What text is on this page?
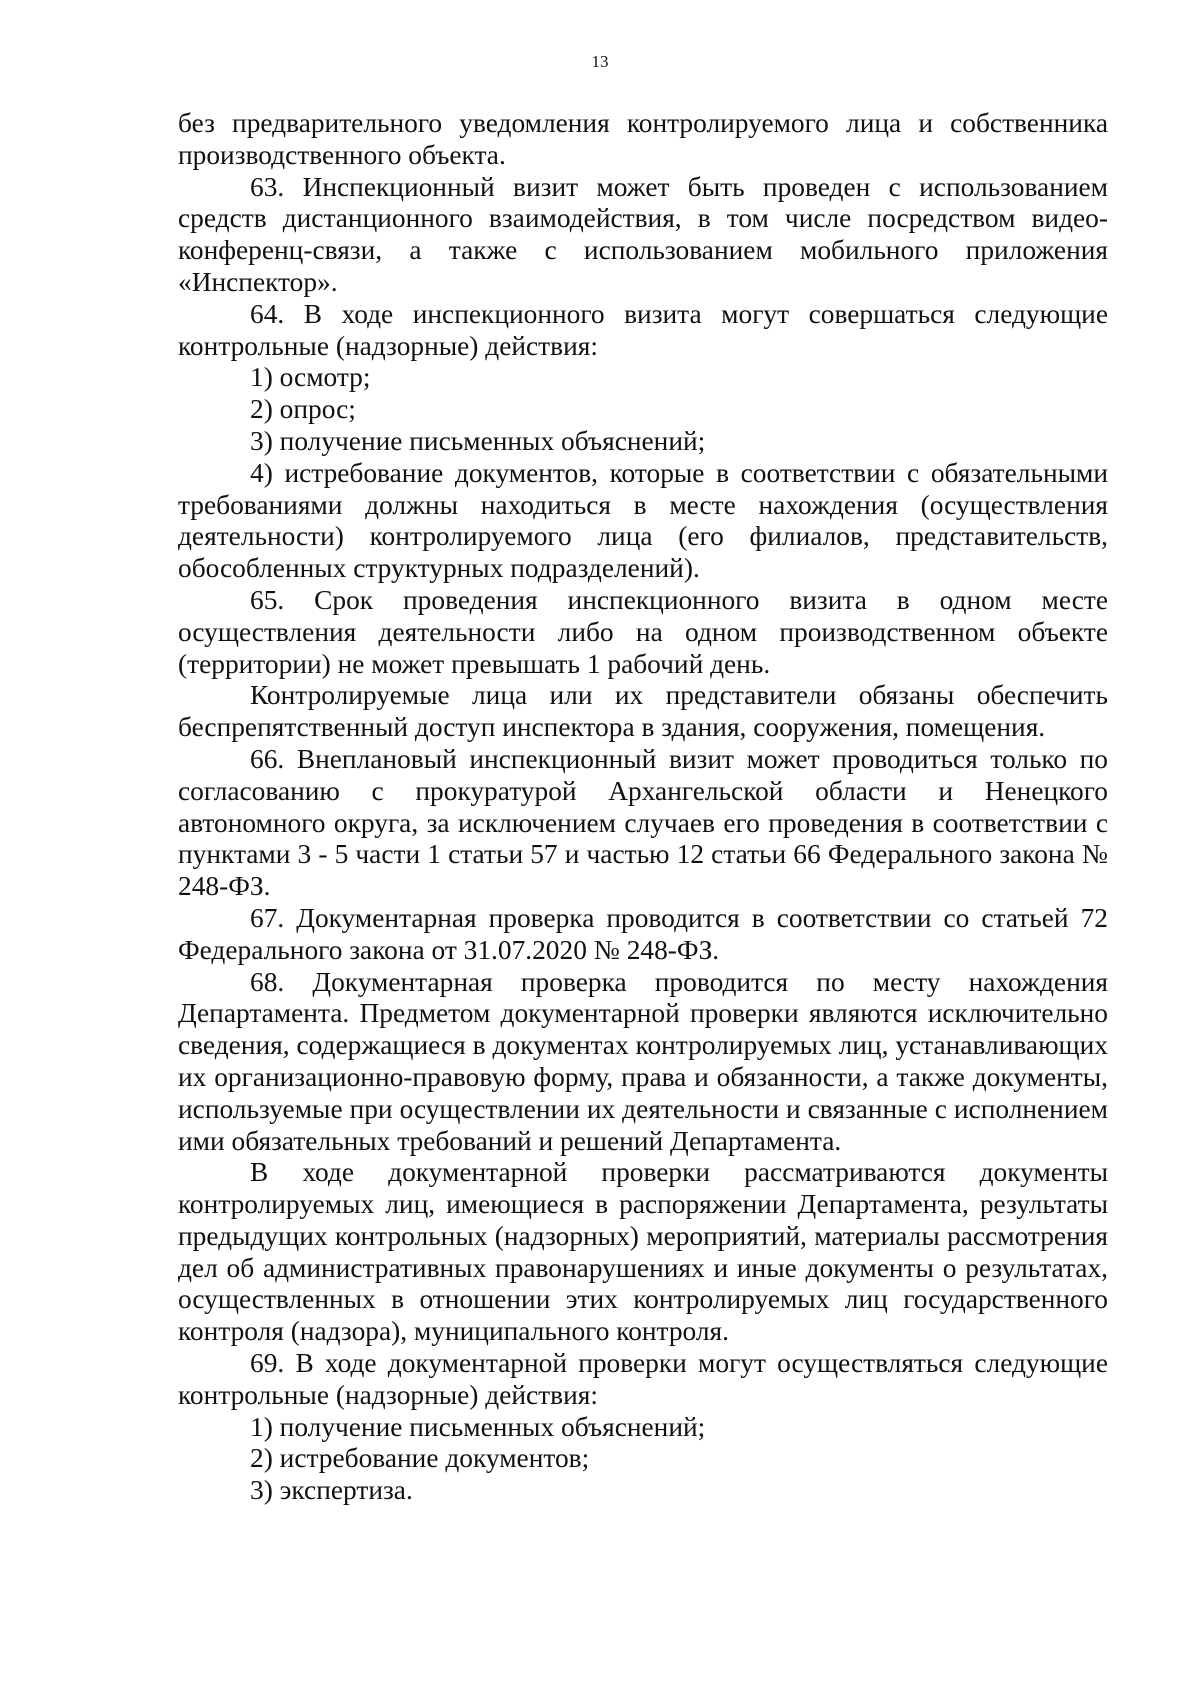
13

без предварительного уведомления контролируемого лица и собственника производственного объекта.

63. Инспекционный визит может быть проведен с использованием средств дистанционного взаимодействия, в том числе посредством видео-конференц-связи, а также с использованием мобильного приложения «Инспектор».

64. В ходе инспекционного визита могут совершаться следующие контрольные (надзорные) действия:

1) осмотр;

2) опрос;

3) получение письменных объяснений;

4) истребование документов, которые в соответствии с обязательными требованиями должны находиться в месте нахождения (осуществления деятельности) контролируемого лица (его филиалов, представительств, обособленных структурных подразделений).

65. Срок проведения инспекционного визита в одном месте осуществления деятельности либо на одном производственном объекте (территории) не может превышать 1 рабочий день.

Контролируемые лица или их представители обязаны обеспечить беспрепятственный доступ инспектора в здания, сооружения, помещения.

66. Внеплановый инспекционный визит может проводиться только по согласованию с прокуратурой Архангельской области и Ненецкого автономного округа, за исключением случаев его проведения в соответствии с пунктами 3 - 5 части 1 статьи 57 и частью 12 статьи 66 Федерального закона № 248-ФЗ.

67. Документарная проверка проводится в соответствии со статьей 72 Федерального закона от 31.07.2020 № 248-ФЗ.

68. Документарная проверка проводится по месту нахождения Департамента. Предметом документарной проверки являются исключительно сведения, содержащиеся в документах контролируемых лиц, устанавливающих их организационно-правовую форму, права и обязанности, а также документы, используемые при осуществлении их деятельности и связанные с исполнением ими обязательных требований и решений Департамента.

В ходе документарной проверки рассматриваются документы контролируемых лиц, имеющиеся в распоряжении Департамента, результаты предыдущих контрольных (надзорных) мероприятий, материалы рассмотрения дел об административных правонарушениях и иные документы о результатах, осуществленных в отношении этих контролируемых лиц государственного контроля (надзора), муниципального контроля.

69. В ходе документарной проверки могут осуществляться следующие контрольные (надзорные) действия:

1) получение письменных объяснений;

2) истребование документов;

3) экспертиза.
